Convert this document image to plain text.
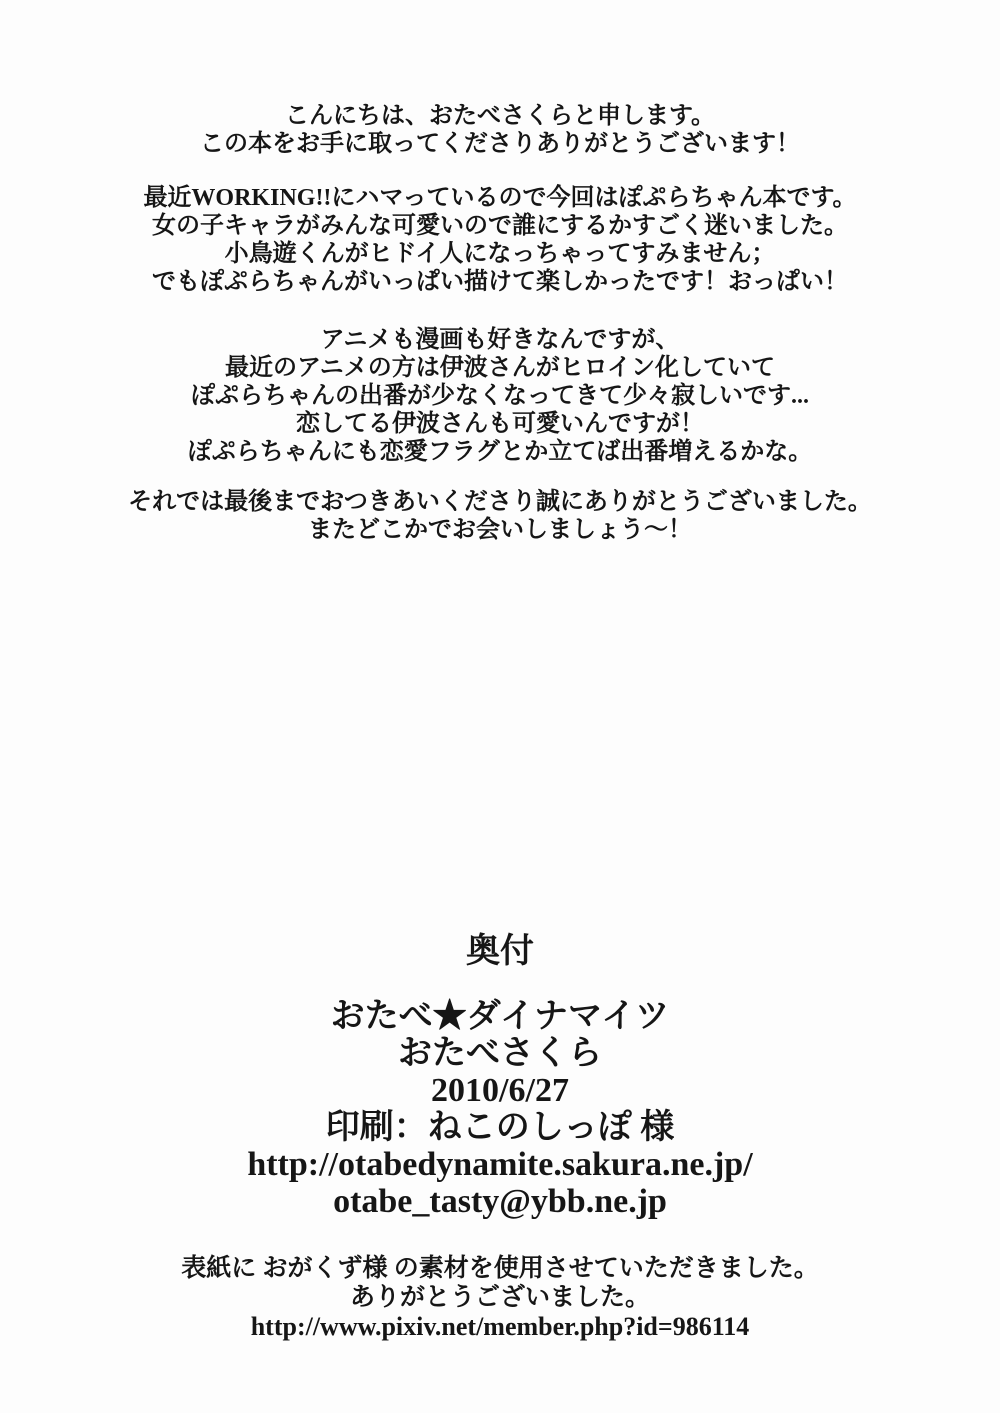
こんにちは、おたべさくらと申します。
この本をお手に取ってくださりありがとうございます！
最近WORKING!!にハマっているので今回はぽぷらちゃん本です。
女の子キャラがみんな可愛いので誰にするかすごく迷いました。
小鳥遊くんがヒドイ人になっちゃってすみません；
でもぽぷらちゃんがいっぱい描けて楽しかったです！おっぱい！
アニメも漫画も好きなんですが、
最近のアニメの方は伊波さんがヒロイン化していて
ぽぷらちゃんの出番が少なくなってきて少々寂しいです...
恋してる伊波さんも可愛いんですが！
ぽぷらちゃんにも恋愛フラグとか立てば出番増えるかな。
それでは最後までおつきあいくださり誠にありがとうございました。
またどこかでお会いしましょう～！
奥付
おたべ★ダイナマイツ
おたべさくら
2010/6/27
印刷：ねこのしっぽ 様
http://otabedynamite.sakura.ne.jp/
otabe_tasty@ybb.ne.jp
表紙に おがくず様 の素材を使用させていただきました。
ありがとうございました。
http://www.pixiv.net/member.php?id=986114
